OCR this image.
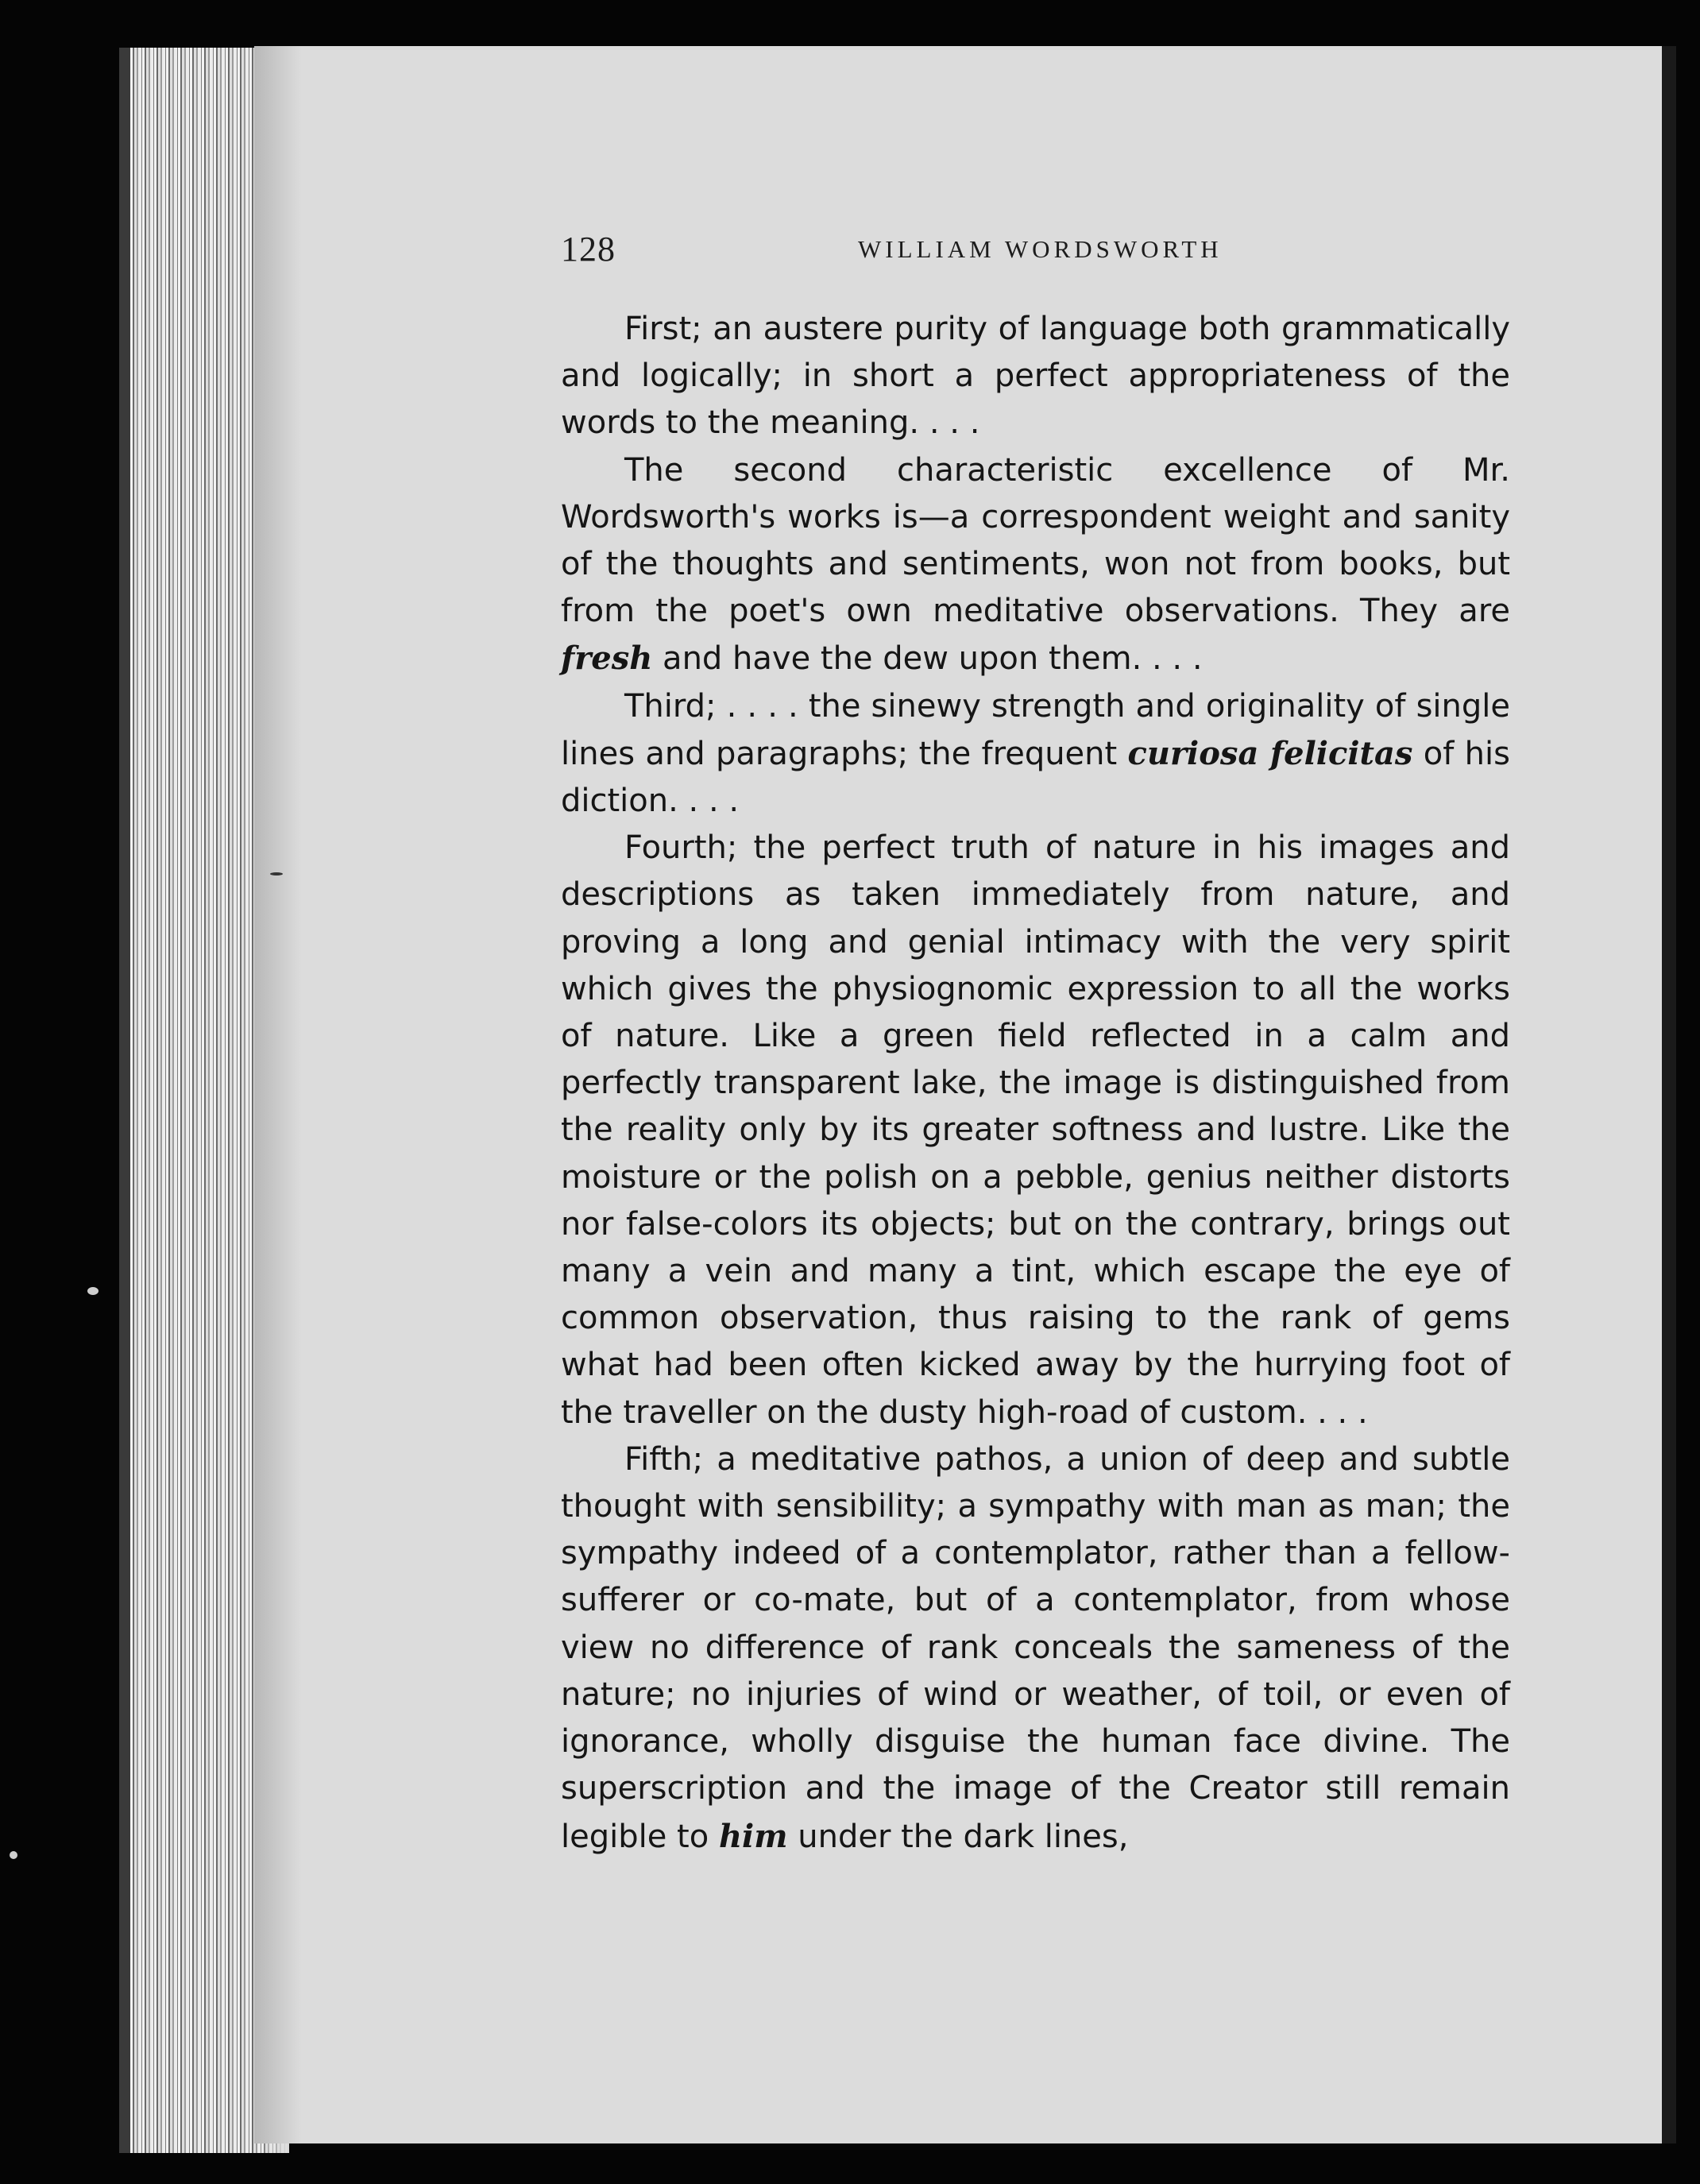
128	WILLIAM WORDSWORTH

First; an austere purity of language both grammatically and logically; in short a perfect appropriateness of the words to the meaning. . . .

The second characteristic excellence of Mr. Wordsworth's works is—a correspondent weight and sanity of the thoughts and sentiments, won not from books, but from the poet's own meditative observations. They are fresh and have the dew upon them. . . .

Third; . . . . the sinewy strength and originality of single lines and paragraphs; the frequent curiosa felicitas of his diction. . . .

Fourth; the perfect truth of nature in his images and descriptions as taken immediately from nature, and proving a long and genial intimacy with the very spirit which gives the physiognomic expression to all the works of nature. Like a green field reflected in a calm and perfectly transparent lake, the image is distinguished from the reality only by its greater softness and lustre. Like the moisture or the polish on a pebble, genius neither distorts nor false-colors its objects; but on the contrary, brings out many a vein and many a tint, which escape the eye of common observation, thus raising to the rank of gems what had been often kicked away by the hurrying foot of the traveller on the dusty high-road of custom. . . .

Fifth; a meditative pathos, a union of deep and subtle thought with sensibility; a sympathy with man as man; the sympathy indeed of a contemplator, rather than a fellow-sufferer or co-mate, but of a contemplator, from whose view no difference of rank conceals the sameness of the nature; no injuries of wind or weather, of toil, or even of ignorance, wholly disguise the human face divine. The superscription and the image of the Creator still remain legible to him under the dark lines,
